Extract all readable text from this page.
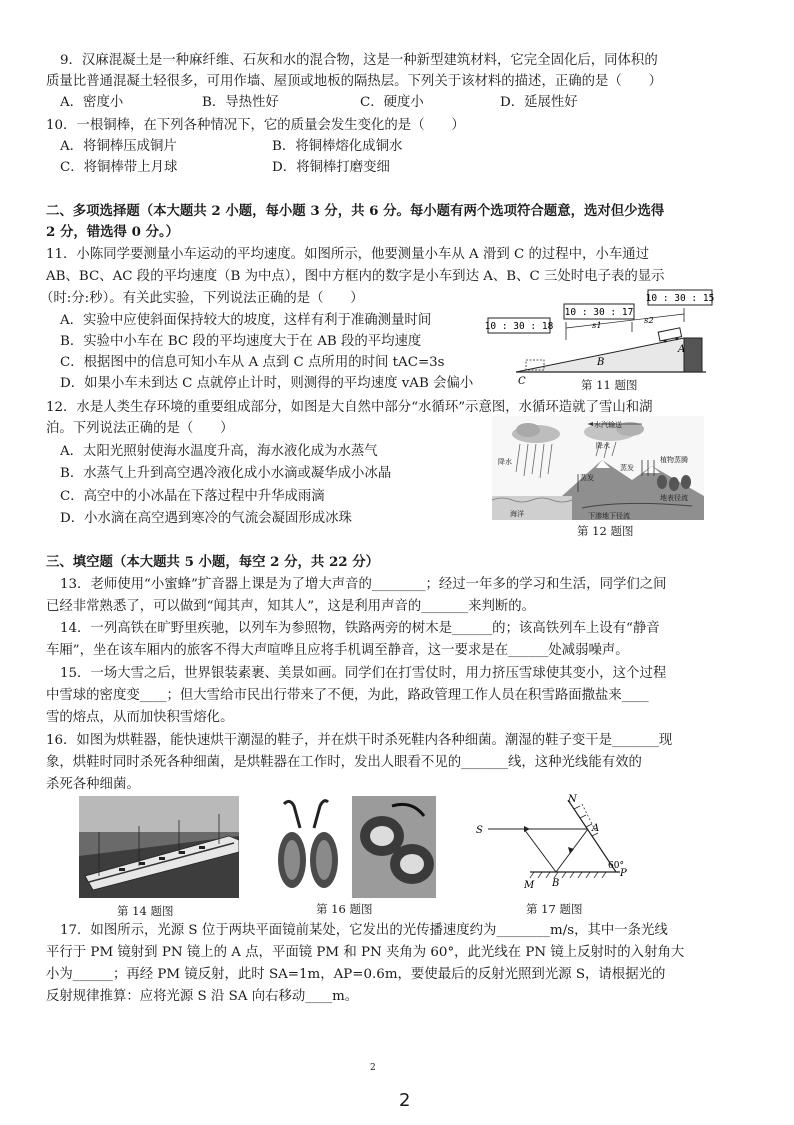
9．汉麻混凝土是一种麻纤维、石灰和水的混合物，这是一种新型建筑材料，它完全固化后，同体积的
质量比普通混凝土轻很多，可用作墙、屋顶或地板的隔热层。下列关于该材料的描述，正确的是（　　）
A．密度小	B．导热性好	C．硬度小	D．延展性好
10．一根铜棒，在下列各种情况下，它的质量会发生变化的是（　　）
A．将铜棒压成铜片	B．将铜棒熔化成铜水
C．将铜棒带上月球	D．将铜棒打磨变细
二、多项选择题（本大题共 2 小题，每小题 3 分，共 6 分。每小题有两个选项符合题意，选对但少选得
2 分，错选得 0 分。）
11．小陈同学要测量小车运动的平均速度。如图所示，他要测量小车从 A 滑到 C 的过程中，小车通过
AB、BC、AC 段的平均速度（B 为中点），图中方框内的数字是小车到达 A、B、C 三处时电子表的显示
（时:分:秒）。有关此实验，下列说法正确的是（　　）
A．实验中应使斜面保持较大的坡度，这样有利于准确测量时间
B．实验中小车在 BC 段的平均速度大于在 AB 段的平均速度
C．根据图中的信息可知小车从 A 点到 C 点所用的时间 tAC=3s
D．如果小车未到达 C 点就停止计时，则测得的平均速度 vAB 会偏小
10 : 30 : 15
10 : 30 : 17
10 : 30 : 18	s1	s2
A
B
C	第 11 题图
12．水是人类生存环境的重要组成部分，如图是大自然中部分“水循环”示意图，水循环造就了雪山和湖
泊。下列说法正确的是（　　）
A．太阳光照射使海水温度升高，海水液化成为水蒸气
B．水蒸气上升到高空遇冷液化成小水滴或凝华成小冰晶
C．高空中的小冰晶在下落过程中升华成雨滴
D．小水滴在高空遇到寒冷的气流会凝固形成冰珠
水汽输送
降水
降水
蒸发
蒸发
植物蒸腾
海洋
地表径流
下渗地下径流
第 12 题图
三、填空题（本大题共 5 小题，每空 2 分，共 22 分）
13．老师使用“小蜜蜂”扩音器上课是为了增大声音的________；经过一年多的学习和生活，同学们之间
已经非常熟悉了，可以做到“闻其声，知其人”，这是利用声音的_______来判断的。
14．一列高铁在旷野里疾驰，以列车为参照物，铁路两旁的树木是______的；该高铁列车上设有“静音
车厢”，坐在该车厢内的旅客不得大声喧哗且应将手机调至静音，这一要求是在______处减弱噪声。
15．一场大雪之后，世界银装素裹、美景如画。同学们在打雪仗时，用力挤压雪球使其变小，这个过程
中雪球的密度变____；但大雪给市民出行带来了不便，为此，路政管理工作人员在积雪路面撒盐来____
雪的熔点，从而加快积雪熔化。
16．如图为烘鞋器，能快速烘干潮湿的鞋子，并在烘干时杀死鞋内各种细菌。潮湿的鞋子变干是_______现
象，烘鞋时同时杀死各种细菌，是烘鞋器在工作时，发出人眼看不见的_______线，这种光线能有效的
杀死各种细菌。
第 14 题图	第 16 题图
60°
S
N
A
M B
P
第 17 题图
17．如图所示，光源 S 位于两块平面镜前某处，它发出的光传播速度约为________m/s，其中一条光线
平行于 PM 镜射到 PN 镜上的 A 点，平面镜 PM 和 PN 夹角为 60°，此光线在 PN 镜上反射时的入射角大
小为______；再经 PM 镜反射，此时 SA=1m，AP=0.6m，要使最后的反射光照到光源 S，请根据光的
反射规律推算：应将光源 S 沿 SA 向右移动____m。
2
2
